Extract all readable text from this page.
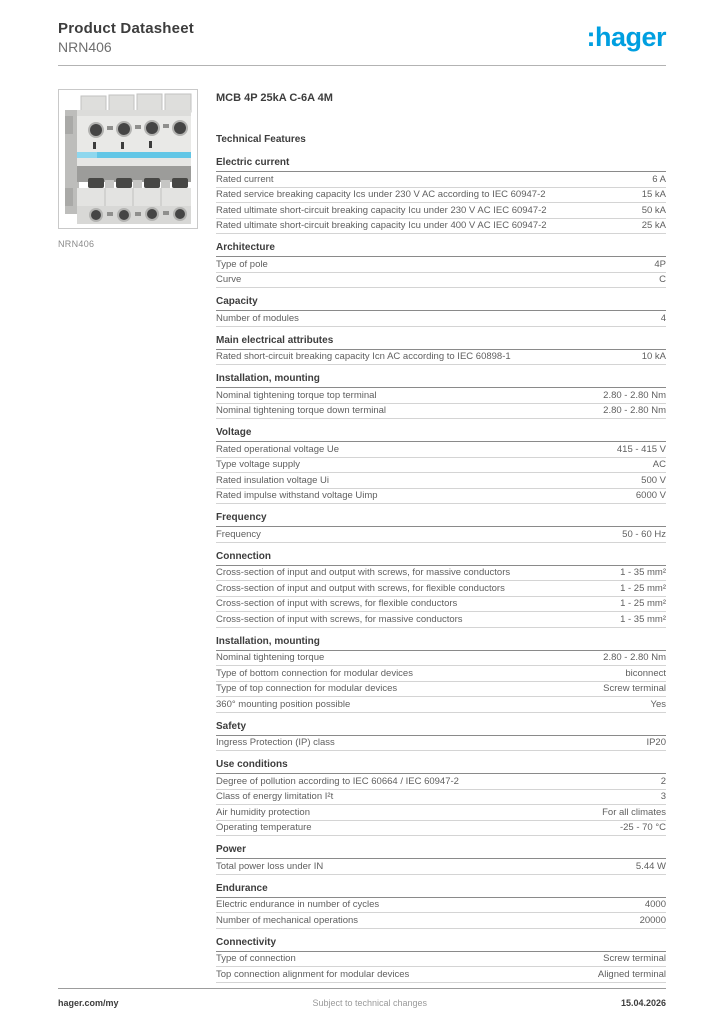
Product Datasheet
NRN406	:hager
NRN406
MCB 4P 25kA C-6A 4M
Technical Features
Electric current
Rated current	6 A
Rated service breaking capacity Ics under 230 V AC according to IEC 60947-2	15 kA
Rated ultimate short-circuit breaking capacity Icu under 230 V AC IEC 60947-2	50 kA
Rated ultimate short-circuit breaking capacity Icu under 400 V AC IEC 60947-2	25 kA
Architecture
Type of pole	4P
Curve	C
Capacity
Number of modules	4
Main electrical attributes
Rated short-circuit breaking capacity Icn AC according to IEC 60898-1	10 kA
Installation, mounting
Nominal tightening torque top terminal	2.80 - 2.80 Nm
Nominal tightening torque down terminal	2.80 - 2.80 Nm
Voltage
Rated operational voltage Ue	415 - 415 V
Type voltage supply	AC
Rated insulation voltage Ui	500 V
Rated impulse withstand voltage Uimp	6000 V
Frequency
Frequency	50 - 60 Hz
Connection
Cross-section of input and output with screws, for massive conductors	1 - 35 mm²
Cross-section of input and output with screws, for flexible conductors	1 - 25 mm²
Cross-section of input with screws, for flexible conductors	1 - 25 mm²
Cross-section of input with screws, for massive conductors	1 - 35 mm²
Installation, mounting
Nominal tightening torque	2.80 - 2.80 Nm
Type of bottom connection for modular devices	biconnect
Type of top connection for modular devices	Screw terminal
360° mounting position possible	Yes
Safety
Ingress Protection (IP) class	IP20
Use conditions
Degree of pollution according to IEC 60664 / IEC 60947-2	2
Class of energy limitation I²t	3
Air humidity protection	For all climates
Operating temperature	-25 - 70 °C
Power
Total power loss under IN	5.44 W
Endurance
Electric endurance in number of cycles	4000
Number of mechanical operations	20000
Connectivity
Type of connection	Screw terminal
Top connection alignment for modular devices	Aligned terminal
hager.com/my	Subject to technical changes	15.04.2026
